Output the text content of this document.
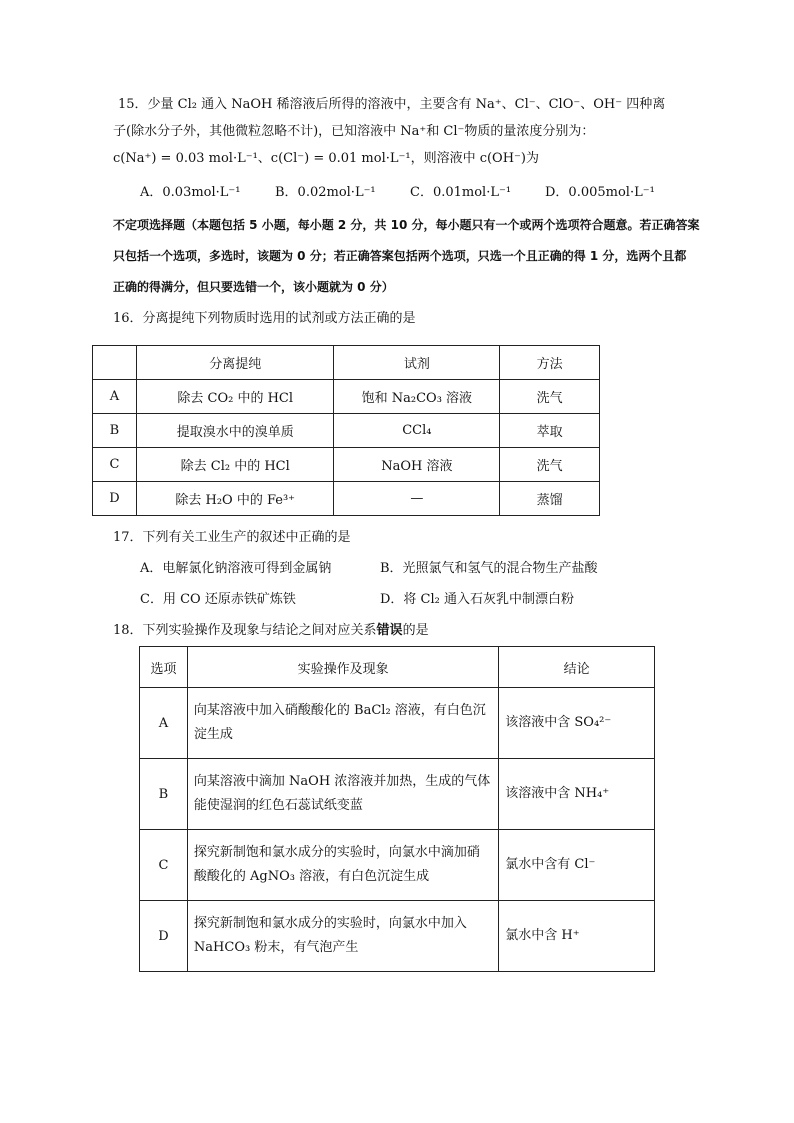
15．少量 Cl₂ 通入 NaOH 稀溶液后所得的溶液中，主要含有 Na⁺、Cl⁻、ClO⁻、OH⁻ 四种离
子(除水分子外，其他微粒忽略不计)，已知溶液中 Na⁺和 Cl⁻物质的量浓度分别为：
c(Na⁺) = 0.03 mol·L⁻¹、c(Cl⁻) = 0.01 mol·L⁻¹，则溶液中 c(OH⁻)为
A．0.03mol·L⁻¹	B．0.02mol·L⁻¹	C．0.01mol·L⁻¹	D．0.005mol·L⁻¹
不定项选择题（本题包括 5 小题，每小题 2 分，共 10 分，每小题只有一个或两个选项符合题意。若正确答案
只包括一个选项，多选时，该题为 0 分；若正确答案包括两个选项，只选一个且正确的得 1 分，选两个且都
正确的得满分，但只要选错一个，该小题就为 0 分）
16．分离提纯下列物质时选用的试剂或方法正确的是
	分离提纯	试剂	方法
A	除去 CO₂ 中的 HCl	饱和 Na₂CO₃ 溶液	洗气
B	提取溴水中的溴单质	CCl₄	萃取
C	除去 Cl₂ 中的 HCl	NaOH 溶液	洗气
D	除去 H₂O 中的 Fe³⁺	—	蒸馏
17．下列有关工业生产的叙述中正确的是
A．电解氯化钠溶液可得到金属钠	B．光照氯气和氢气的混合物生产盐酸
C．用 CO 还原赤铁矿炼铁	D．将 Cl₂ 通入石灰乳中制漂白粉
18．下列实验操作及现象与结论之间对应关系错误的是
选项	实验操作及现象	结论
A	向某溶液中加入硝酸酸化的 BaCl₂ 溶液，有白色沉淀生成	该溶液中含 SO₄²⁻
B	向某溶液中滴加 NaOH 浓溶液并加热，生成的气体能使湿润的红色石蕊试纸变蓝	该溶液中含 NH₄⁺
C	探究新制饱和氯水成分的实验时，向氯水中滴加硝酸酸化的 AgNO₃ 溶液，有白色沉淀生成	氯水中含有 Cl⁻
D	探究新制饱和氯水成分的实验时，向氯水中加入 NaHCO₃ 粉末，有气泡产生	氯水中含 H⁺
